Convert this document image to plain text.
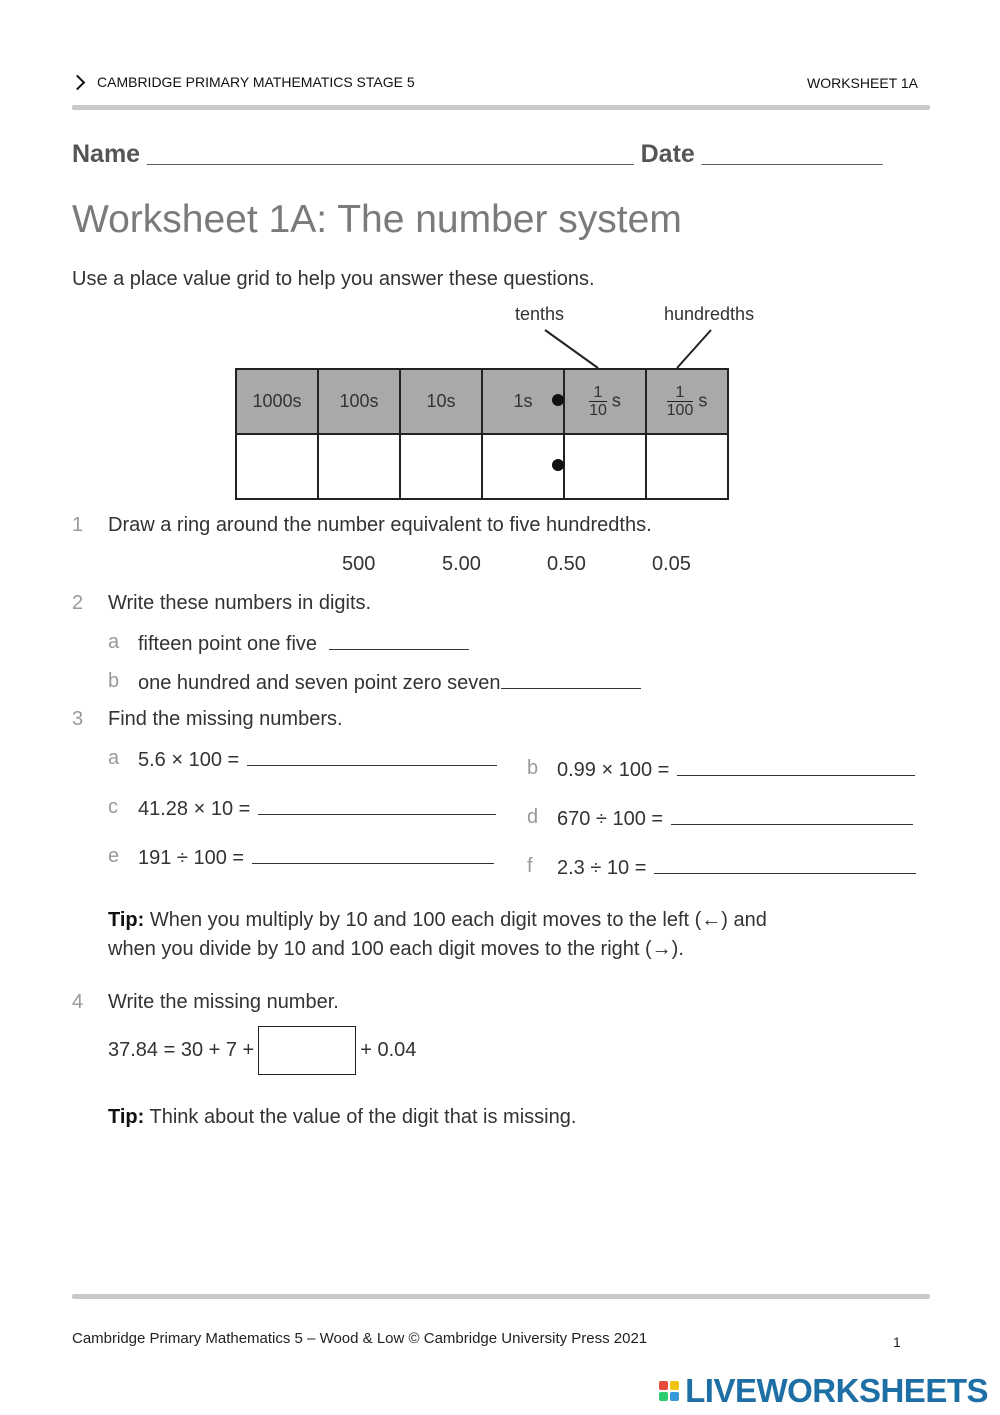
CAMBRIDGE PRIMARY MATHEMATICS STAGE 5	WORKSHEET 1A
Name ___________________________________ Date _____________
Worksheet 1A: The number system
Use a place value grid to help you answer these questions.
tenths	hundredths
1000s	100s	10s	1s	$\frac{1}{10}$ s	$\frac{1}{100}$ s

1 Draw a ring around the number equivalent to five hundredths.
500	5.00	0.50	0.05
2 Write these numbers in digits.
a fifteen point one five
b one hundred and seven point zero seven
3 Find the missing numbers.
a 5.6 × 100 =	b 0.99 × 100 =
c 41.28 × 10 =	d 670 ÷ 100 =
e 191 ÷ 100 =	f 2.3 ÷ 10 =
Tip: When you multiply by 10 and 100 each digit moves to the left (←) and
when you divide by 10 and 100 each digit moves to the right (→).
4 Write the missing number.
37.84 = 30 + 7 +	+ 0.04
Tip: Think about the value of the digit that is missing.
Cambridge Primary Mathematics 5 – Wood & Low © Cambridge University Press 2021	1
LIVEWORKSHEETS
